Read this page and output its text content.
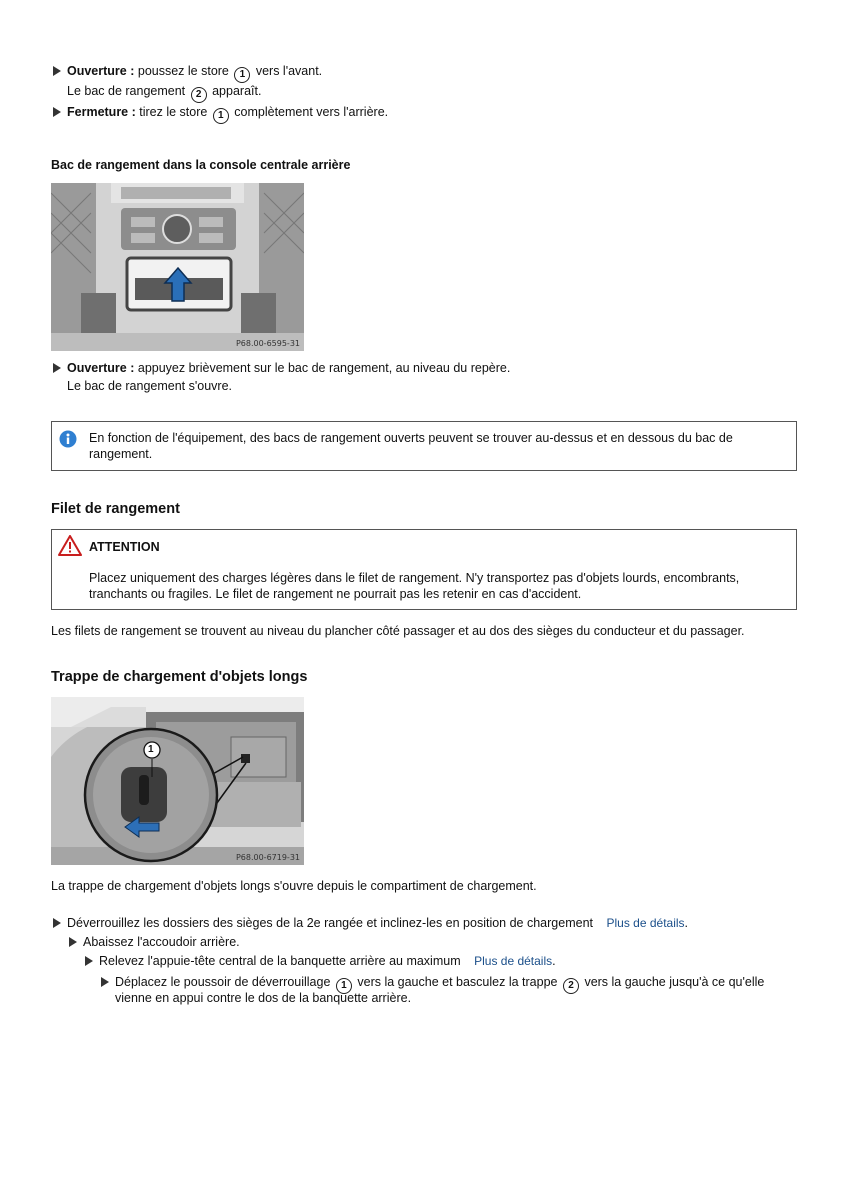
Ouverture : poussez le store 1 vers l'avant.
Le bac de rangement 2 apparaît.
Fermeture : tirez le store 1 complètement vers l'arrière.
Bac de rangement dans la console centrale arrière
P68.00-6595-31
Ouverture : appuyez brièvement sur le bac de rangement, au niveau du repère.
Le bac de rangement s'ouvre.
En fonction de l'équipement, des bacs de rangement ouverts peuvent se trouver au-dessus et en dessous du bac de
rangement.
Filet de rangement
ATTENTION
Placez uniquement des charges légères dans le filet de rangement. N'y transportez pas d'objets lourds, encombrants,
tranchants ou fragiles. Le filet de rangement ne pourrait pas les retenir en cas d'accident.
Les filets de rangement se trouvent au niveau du plancher côté passager et au dos des sièges du conducteur et du passager.
Trappe de chargement d'objets longs
1
P68.00-6719-31
La trappe de chargement d'objets longs s'ouvre depuis le compartiment de chargement.
Déverrouillez les dossiers des sièges de la 2e rangée et inclinez-les en position de chargement Plus de détails.
Abaissez l'accoudoir arrière.
Relevez l'appuie-tête central de la banquette arrière au maximum Plus de détails.
Déplacez le poussoir de déverrouillage 1 vers la gauche et basculez la trappe 2 vers la gauche jusqu'à ce qu'elle
vienne en appui contre le dos de la banquette arrière.
